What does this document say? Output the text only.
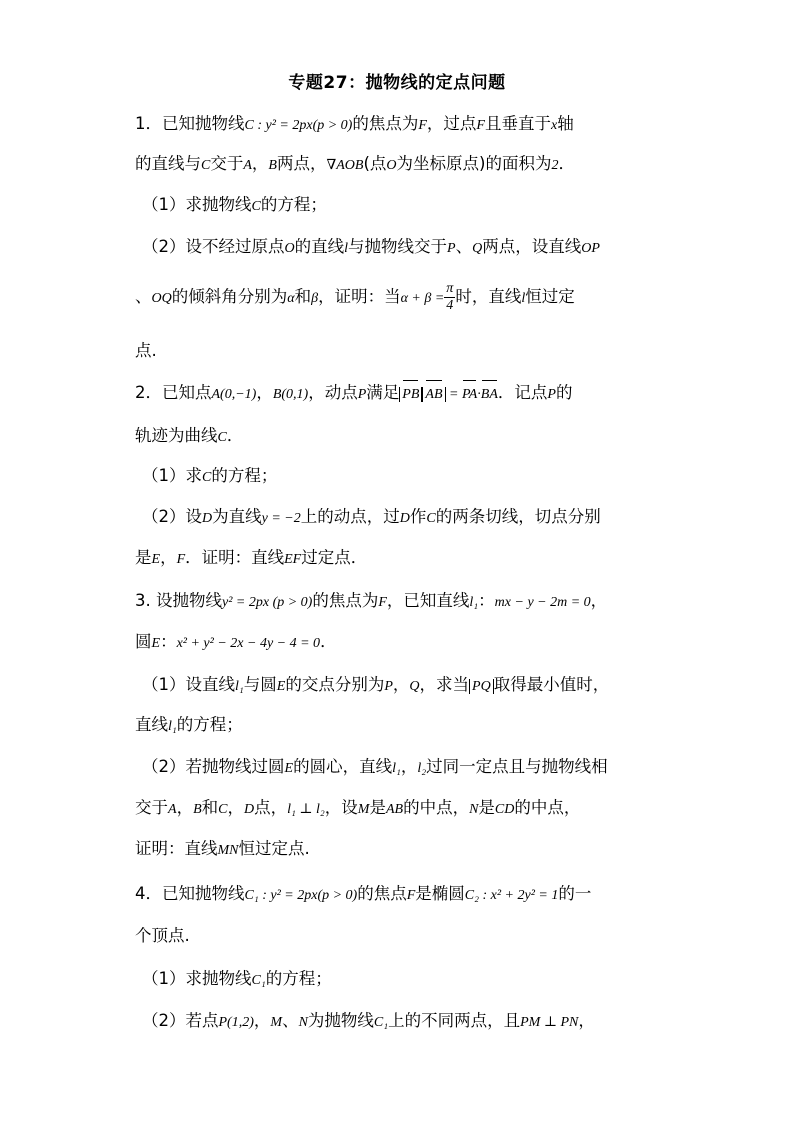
专题27：抛物线的定点问题
1．已知抛物线C : y² = 2px(p > 0)的焦点为F，过点F且垂直于x轴
的直线与C交于A，B两点，∇AOB(点O为坐标原点)的面积为2．
（1）求抛物线C的方程；
（2）设不经过原点O的直线l与抛物线交于P、Q两点，设直线OP
、OQ的倾斜角分别为α和β，证明：当$\alpha + \beta = \frac{\pi}{4}$ 时，直线l恒过定
点.
2．已知点A(0,−1)，B(0,1)，动点P满足 PB AB = PA·BA．记点P的
轨迹为曲线C．
（1）求C的方程；
（2）设D为直线y = −2上的动点，过D作C的两条切线，切点分别
是E，F．证明：直线EF过定点．
3. 设抛物线y² = 2px (p > 0)的焦点为F，已知直线l₁：mx − y − 2m = 0，
圆E：x² + y² − 2x − 4y − 4 = 0．
（1）设直线l₁与圆E的交点分别为P，Q，求当 PQ 取得最小值时，
直线l₁的方程；
（2）若抛物线过圆E的圆心，直线l₁，l₂过同一定点且与抛物线相
交于A，B和C，D点，l₁ ⊥ l₂，设M是AB的中点，N是CD的中点，
证明：直线MN恒过定点.
4．已知抛物线C₁ : y² = 2px(p > 0)的焦点F是椭圆C₂ : x² + 2y² = 1的一
个顶点.
（1）求抛物线C₁的方程；
（2）若点P(1,2)，M、N为抛物线C₁上的不同两点，且PM ⊥ PN，
